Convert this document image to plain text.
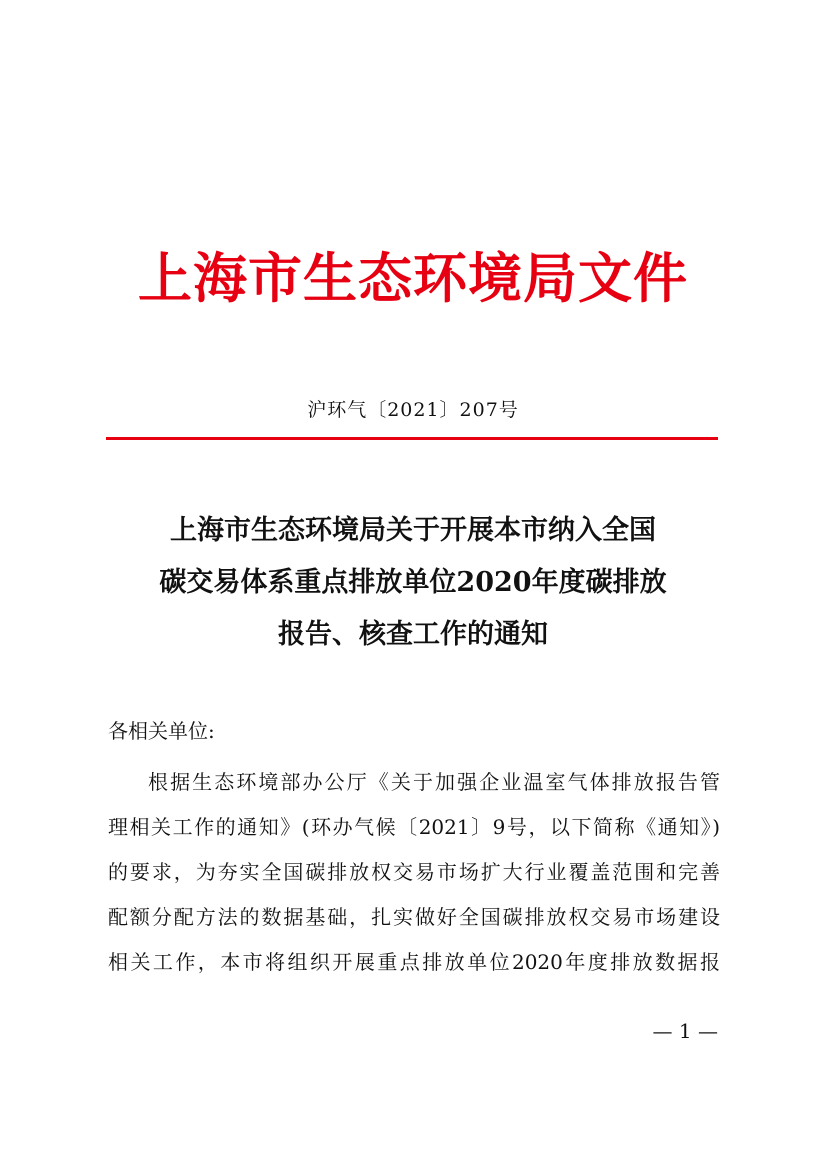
上海市生态环境局文件
沪环气〔2021〕207号
上海市生态环境局关于开展本市纳入全国
碳交易体系重点排放单位2020年度碳排放
报告、核查工作的通知
各相关单位:
根据生态环境部办公厅《关于加强企业温室气体排放报告管
理相关工作的通知》(环办气候〔2021〕9号，以下简称《通知》)
的要求，为夯实全国碳排放权交易市场扩大行业覆盖范围和完善
配额分配方法的数据基础，扎实做好全国碳排放权交易市场建设
相关工作，本市将组织开展重点排放单位2020年度排放数据报
— 1 —
